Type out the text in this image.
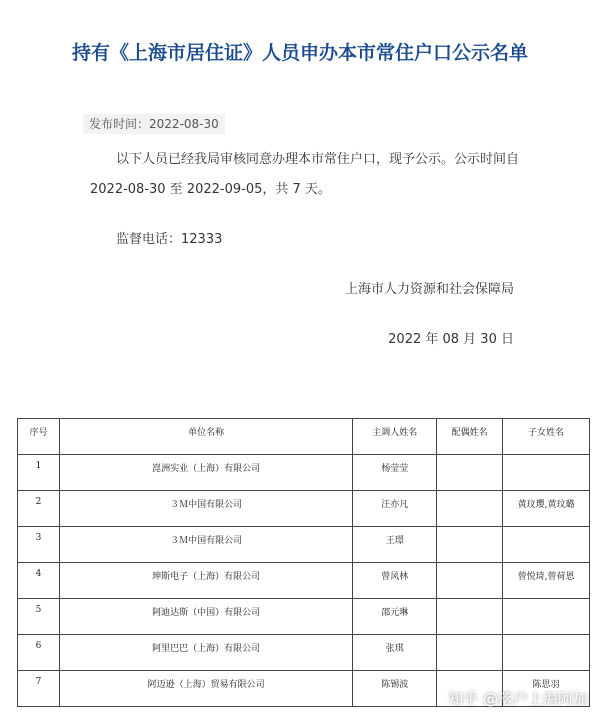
持有《上海市居住证》人员申办本市常住户口公示名单
发布时间：2022-08-30
以下人员已经我局审核同意办理本市常住户口，现予公示。公示时间自2022-08-30 至 2022-09-05，共 7 天。
监督电话：12333
上海市人力资源和社会保障局
2022 年 08 月 30 日
序号	单位名称	主调人姓名	配偶姓名	子女姓名
1	崑洲实业（上海）有限公司	杨莹莹		
2	３Ｍ中国有限公司	汪亦凡		黄玟璎,黄玟璐
3	３Ｍ中国有限公司	王璟		
4	珅斯电子（上海）有限公司	曾风林		曾悦琦,曾荷恩
5	阿迪达斯（中国）有限公司	邵元琳		
6	阿里巴巴（上海）有限公司	张琪		
7	阿迈逊（上海）贸易有限公司	陈锡波		陈思羽
知乎 @落户上海阿加
